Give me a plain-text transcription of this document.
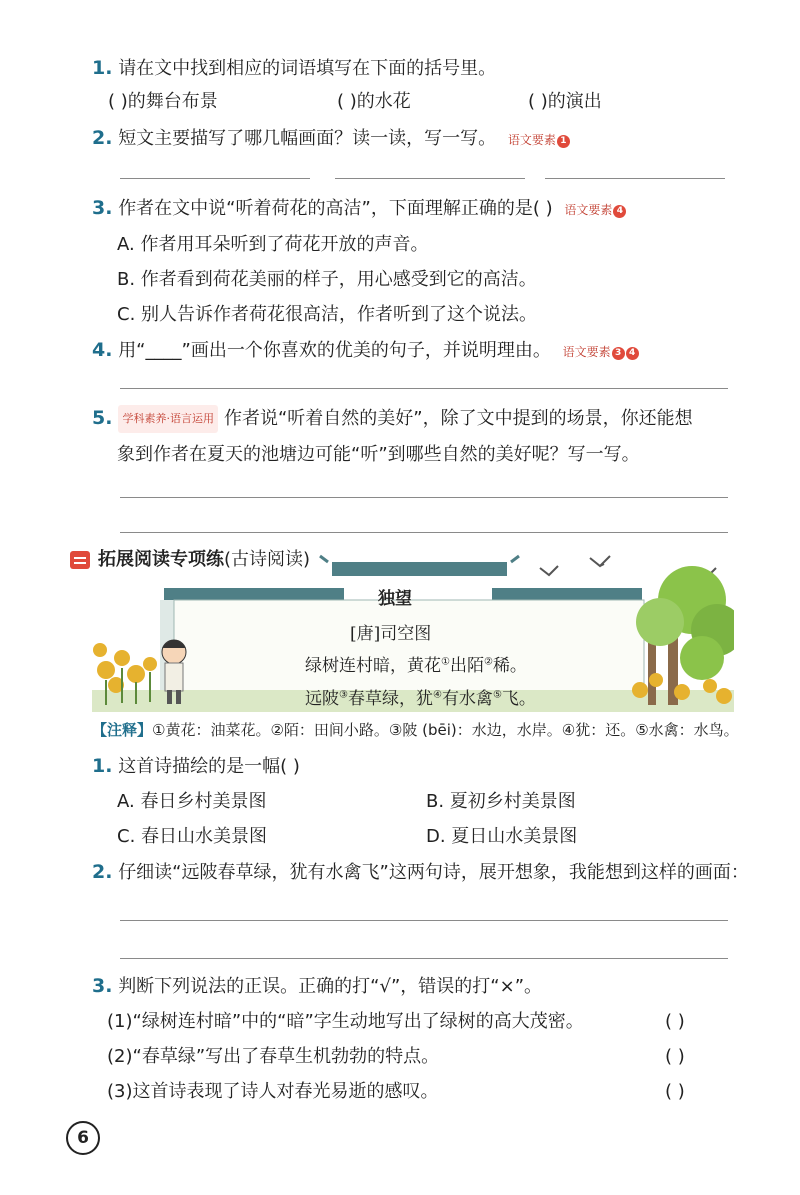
1. 请在文中找到相应的词语填写在下面的括号里。
( )的舞台布景	( )的水花	( )的演出
2. 短文主要描写了哪几幅画面？读一读，写一写。 语文要素 1
3. 作者在文中说“听着荷花的高洁”，下面理解正确的是( ) 语文要素 4
A. 作者用耳朵听到了荷花开放的声音。
B. 作者看到荷花美丽的样子，用心感受到它的高洁。
C. 别人告诉作者荷花很高洁，作者听到了这个说法。
4. 用“____”画出一个你喜欢的优美的句子，并说明理由。 语文要素 3 4
5. 学科素养·语言运用 作者说“听着自然的美好”，除了文中提到的场景，你还能想
象到作者在夏天的池塘边可能“听”到哪些自然的美好呢？写一写。
拓展阅读专项练(古诗阅读)
独望
[唐]司空图
绿树连村暗，黄花①出陌②稀。
远陂③春草绿，犹④有水禽⑤飞。
【注释】①黄花：油菜花。②陌：田间小路。③陂 (bēi)：水边，水岸。④犹：还。⑤水禽：水鸟。
1. 这首诗描绘的是一幅( )
A. 春日乡村美景图	B. 夏初乡村美景图
C. 春日山水美景图	D. 夏日山水美景图
2. 仔细读“远陂春草绿，犹有水禽飞”这两句诗，展开想象，我能想到这样的画面：
3. 判断下列说法的正误。正确的打“√”，错误的打“×”。
(1)“绿树连村暗”中的“暗”字生动地写出了绿树的高大茂密。	( )
(2)“春草绿”写出了春草生机勃勃的特点。	( )
(3)这首诗表现了诗人对春光易逝的感叹。	( )
6
